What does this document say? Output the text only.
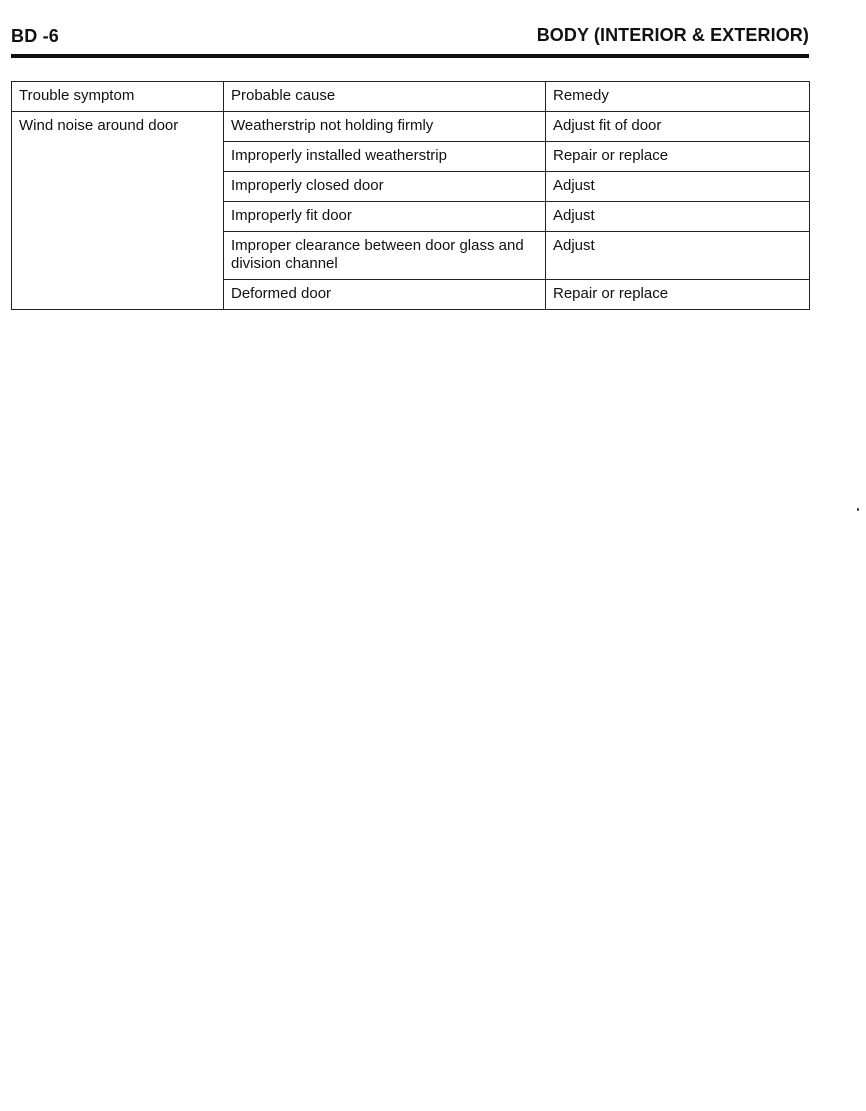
BD -6	BODY (INTERIOR & EXTERIOR)
Trouble symptom	Probable cause	Remedy
Wind noise around door	Weatherstrip not holding firmly	Adjust fit of door
	Improperly installed weatherstrip	Repair or replace
	Improperly closed door	Adjust
	Improperly fit door	Adjust
	Improper clearance between door glass and division channel	Adjust
	Deformed door	Repair or replace
